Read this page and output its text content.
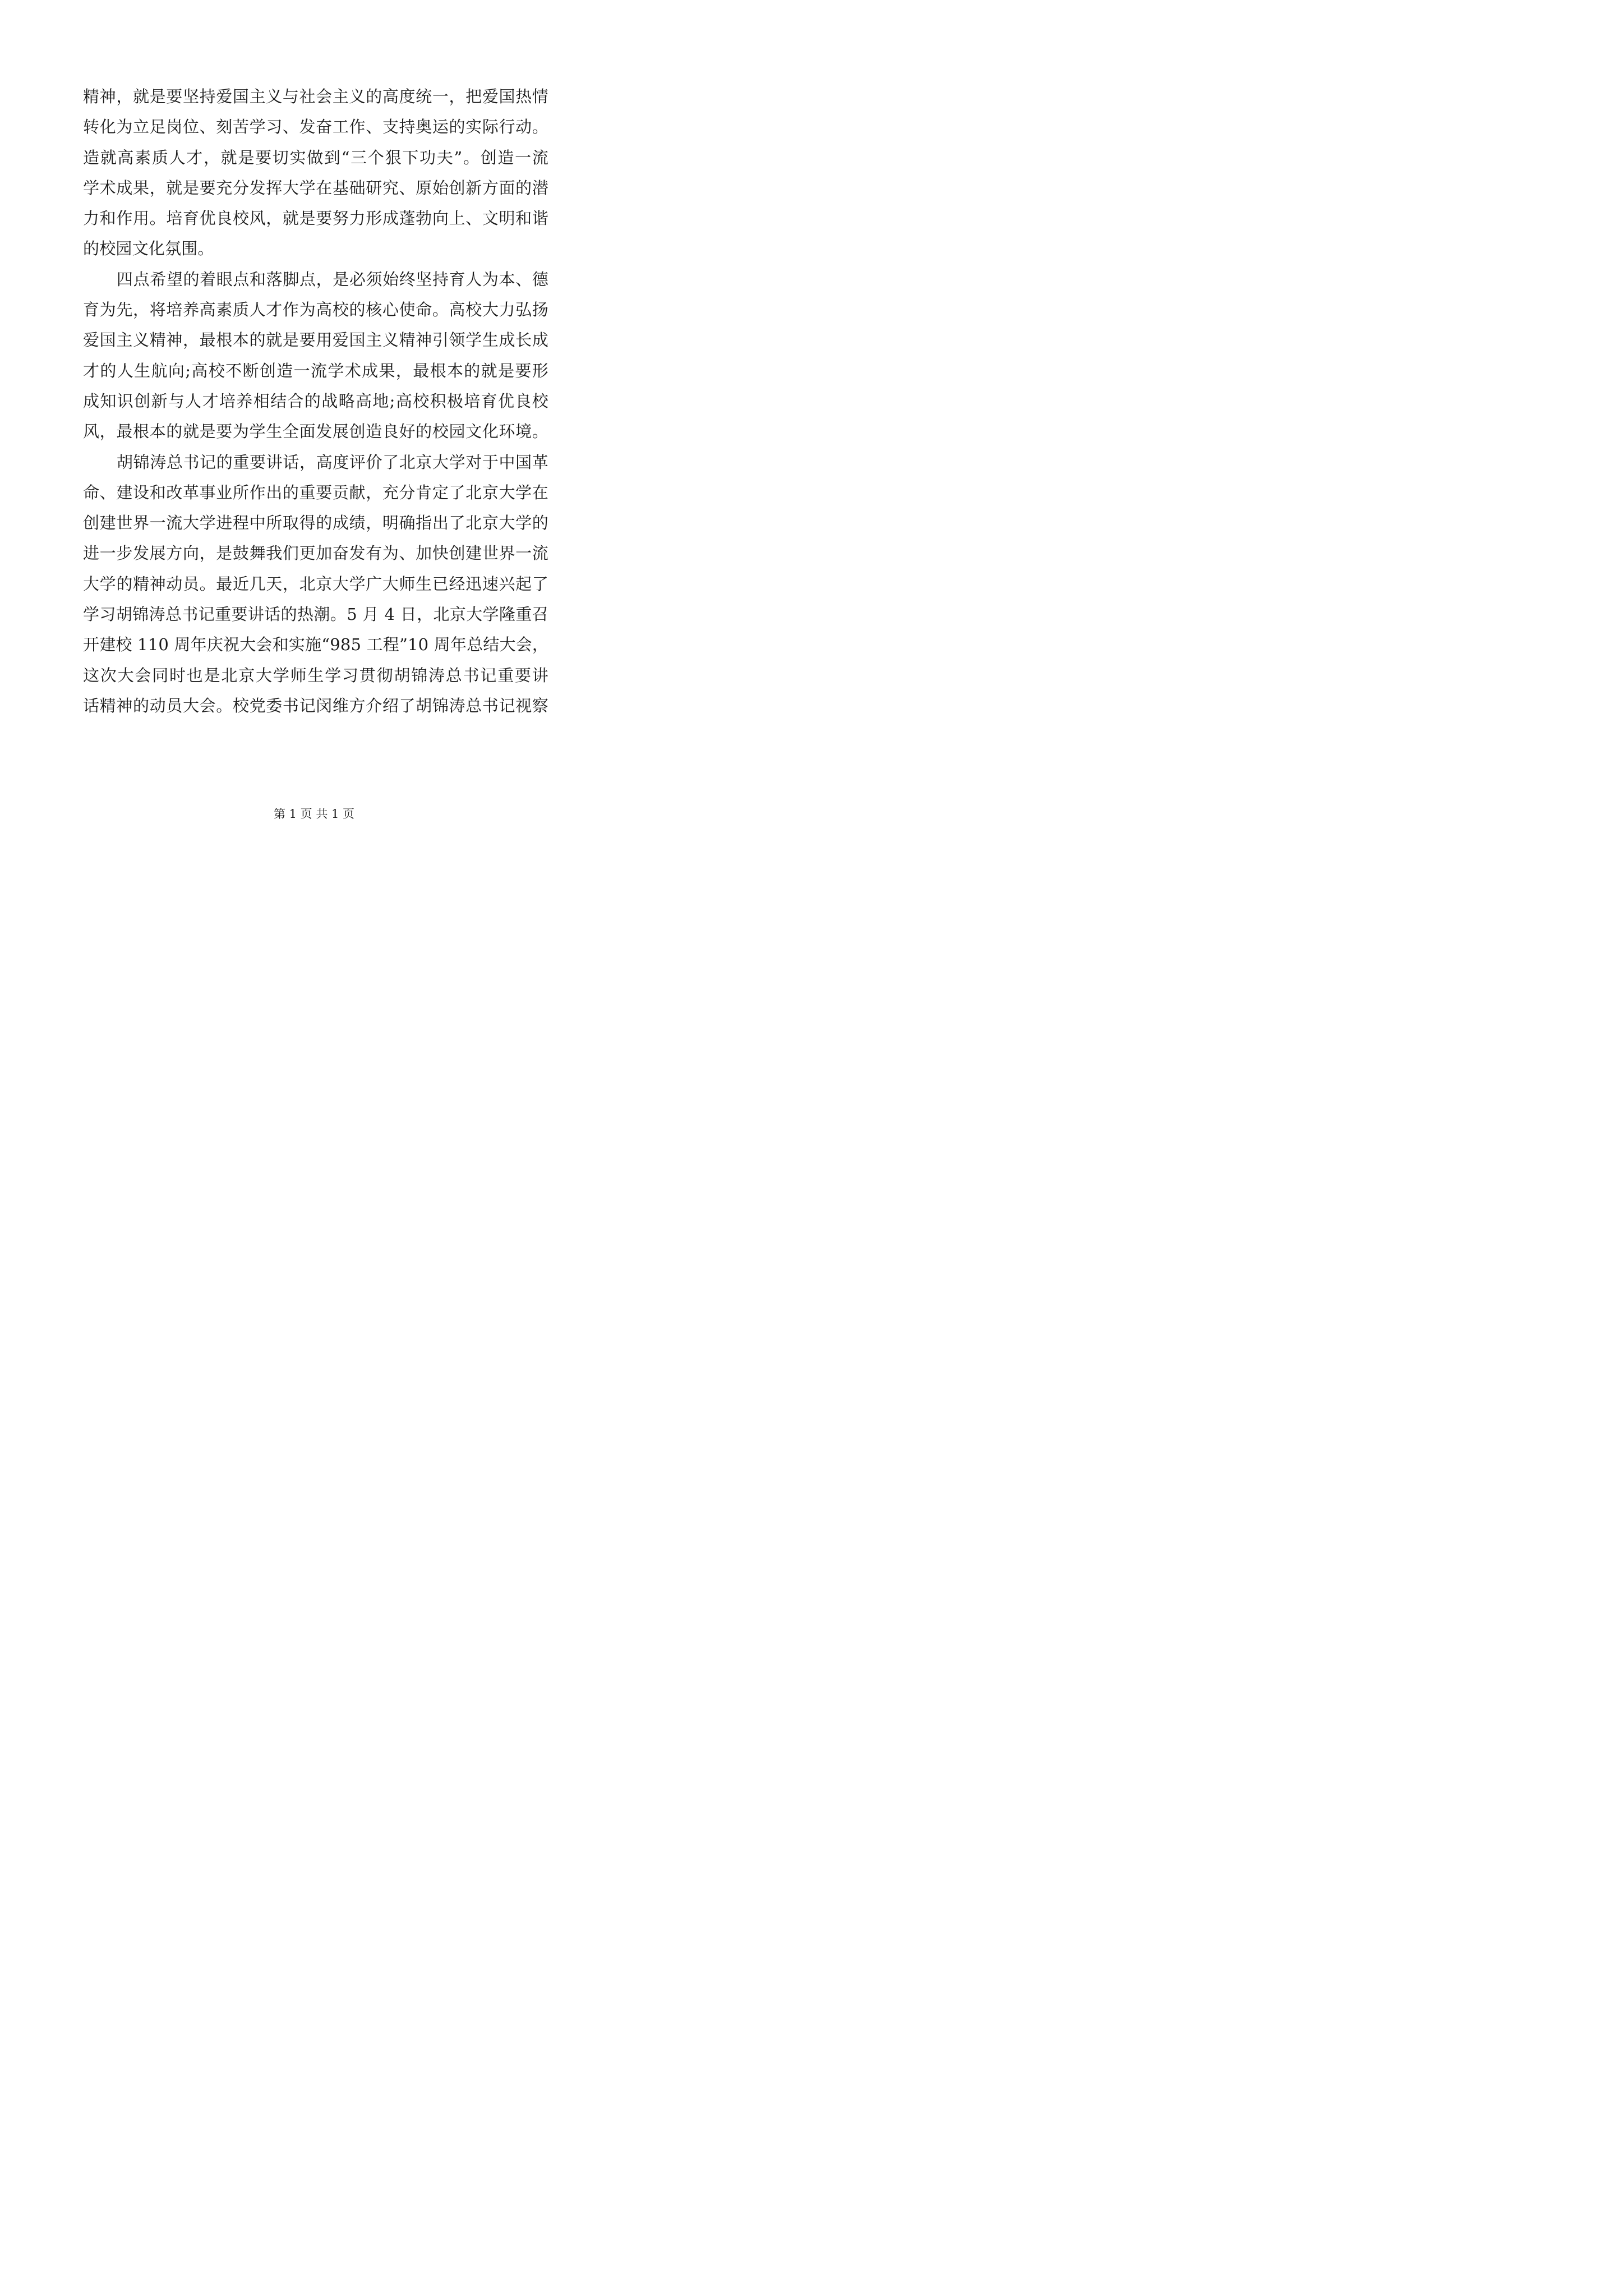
精神，就是要坚持爱国主义与社会主义的高度统一，把爱国热情
转化为立足岗位、刻苦学习、发奋工作、支持奥运的实际行动。
造就高素质人才，就是要切实做到“三个狠下功夫”。创造一流
学术成果，就是要充分发挥大学在基础研究、原始创新方面的潜
力和作用。培育优良校风，就是要努力形成蓬勃向上、文明和谐
的校园文化氛围。
四点希望的着眼点和落脚点，是必须始终坚持育人为本、德
育为先，将培养高素质人才作为高校的核心使命。高校大力弘扬
爱国主义精神，最根本的就是要用爱国主义精神引领学生成长成
才的人生航向;高校不断创造一流学术成果，最根本的就是要形
成知识创新与人才培养相结合的战略高地;高校积极培育优良校
风，最根本的就是要为学生全面发展创造良好的校园文化环境。
胡锦涛总书记的重要讲话，高度评价了北京大学对于中国革
命、建设和改革事业所作出的重要贡献，充分肯定了北京大学在
创建世界一流大学进程中所取得的成绩，明确指出了北京大学的
进一步发展方向，是鼓舞我们更加奋发有为、加快创建世界一流
大学的精神动员。最近几天，北京大学广大师生已经迅速兴起了
学习胡锦涛总书记重要讲话的热潮。5 月 4 日，北京大学隆重召
开建校 110 周年庆祝大会和实施“985 工程”10 周年总结大会，
这次大会同时也是北京大学师生学习贯彻胡锦涛总书记重要讲
话精神的动员大会。校党委书记闵维方介绍了胡锦涛总书记视察
第 1 页 共 1 页
